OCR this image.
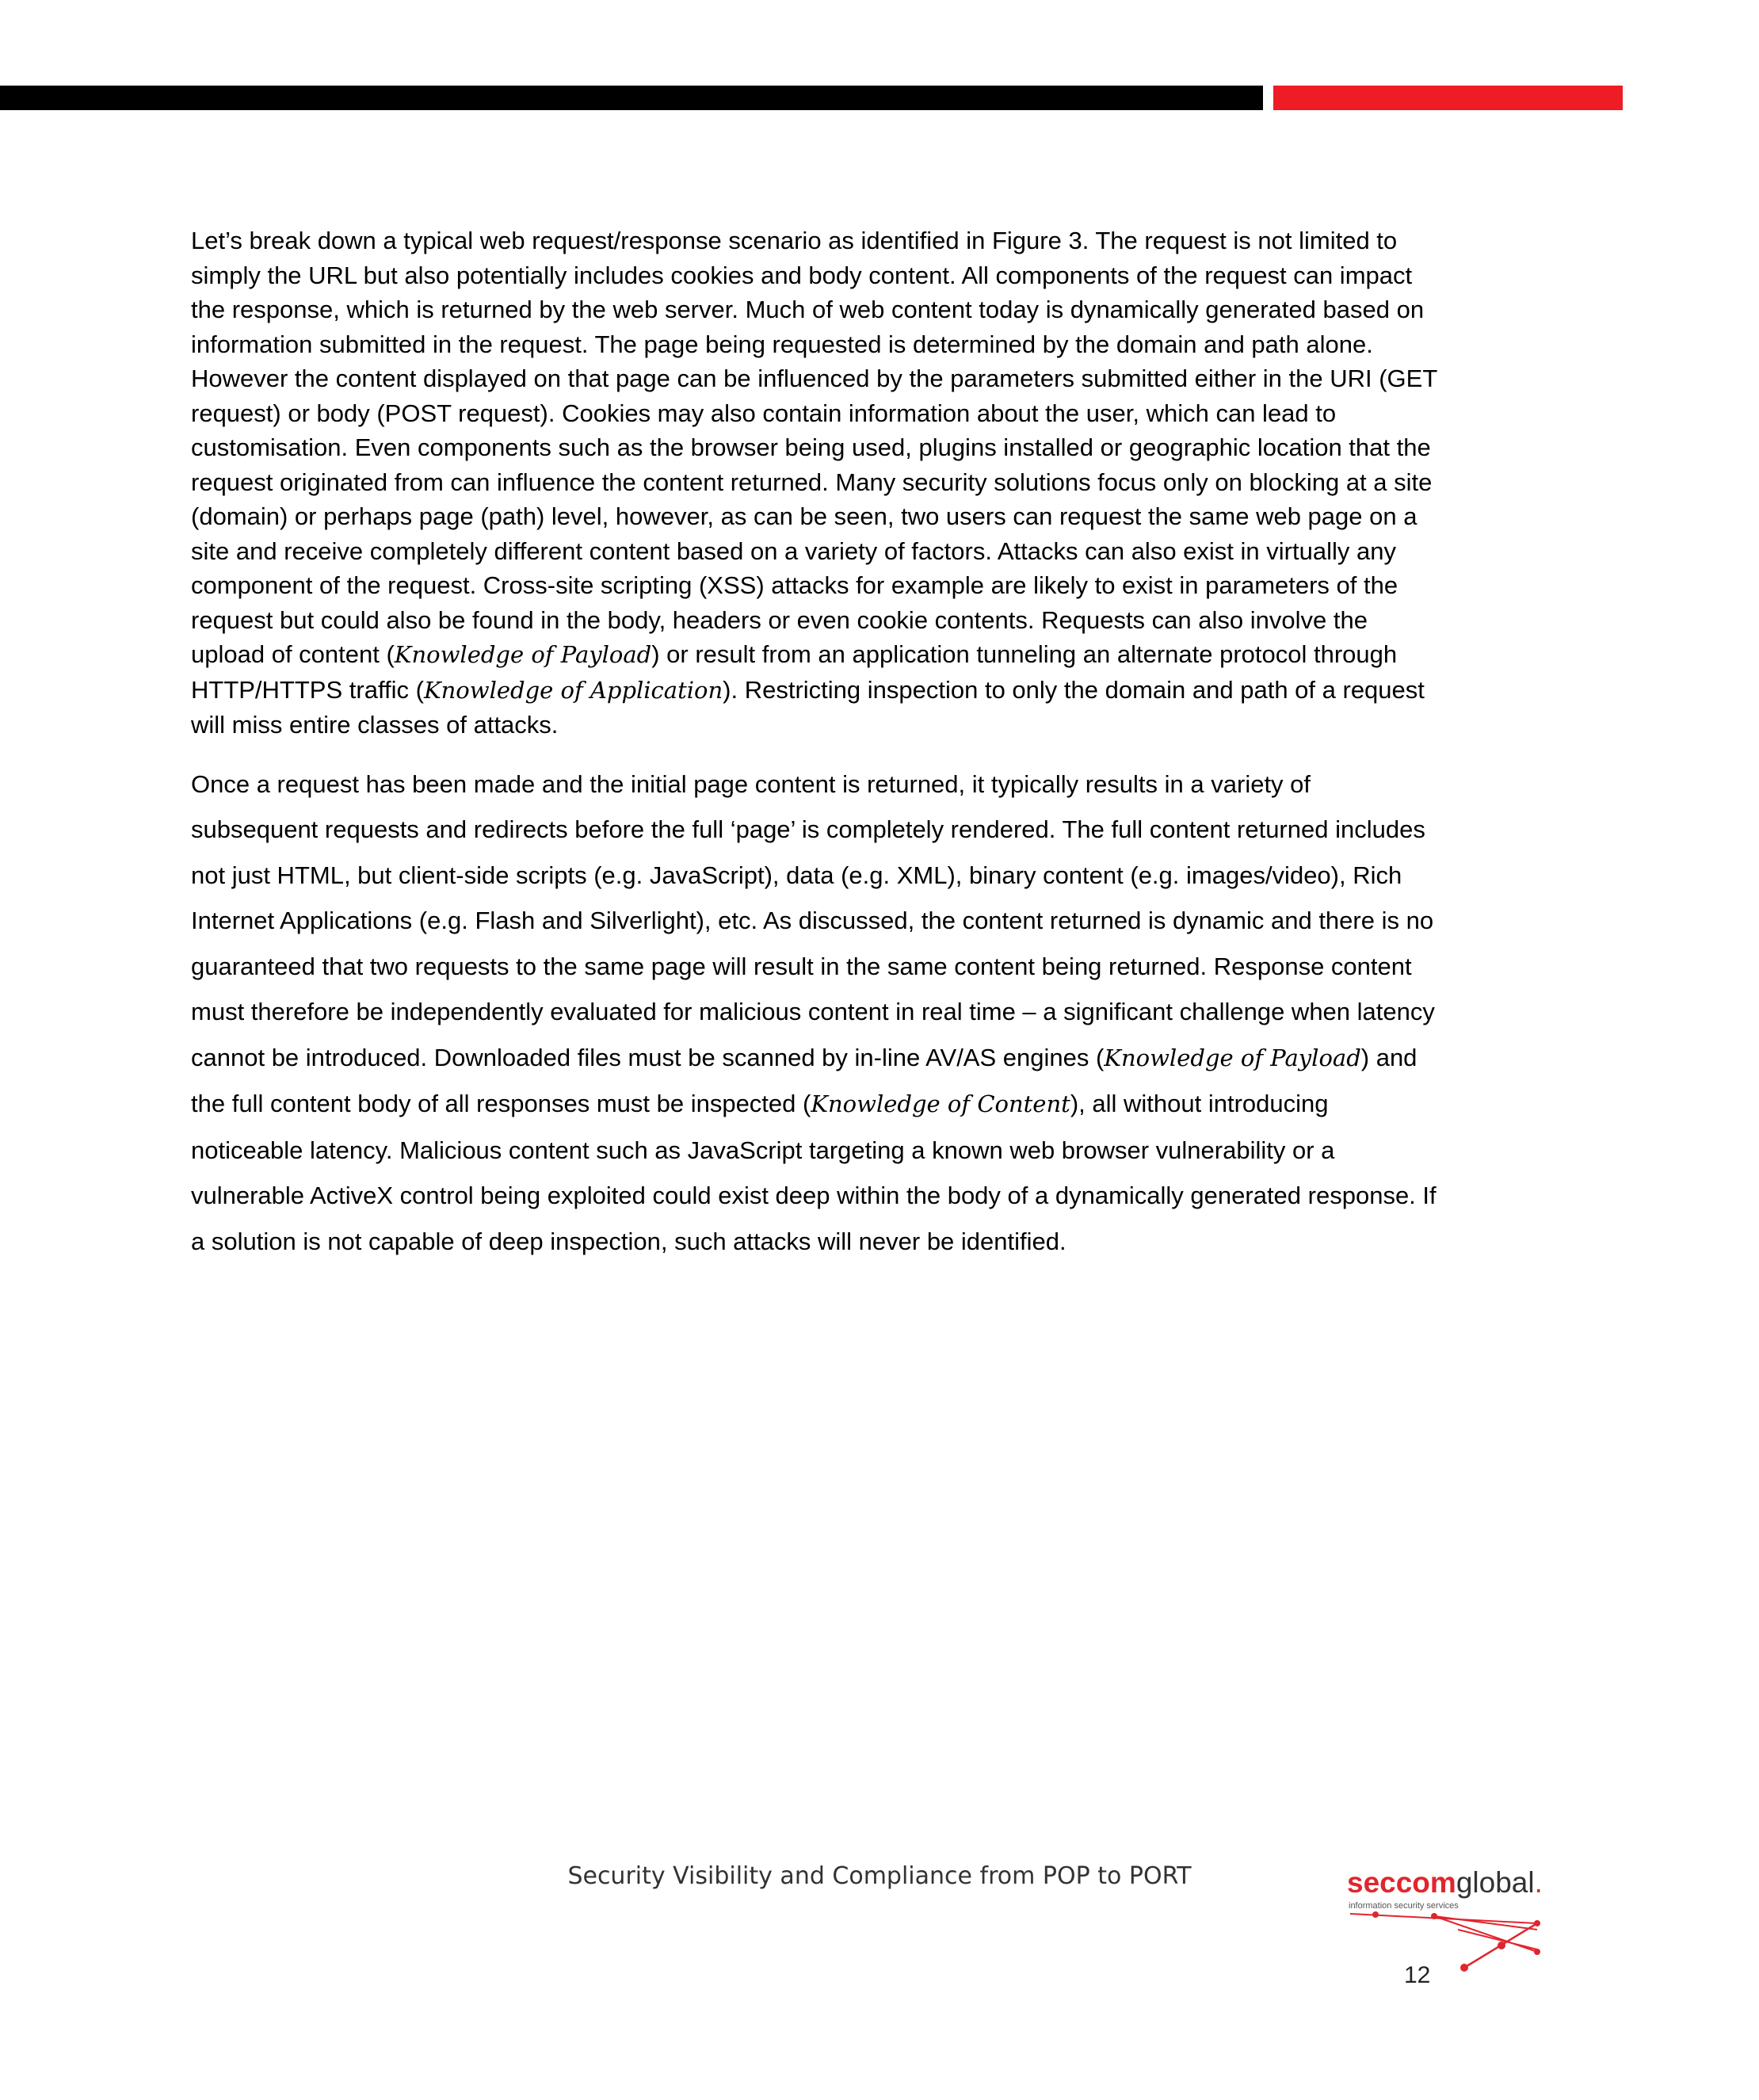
Let’s break down a typical web request/response scenario as identified in Figure 3. The request is not limited to simply the URL but also potentially includes cookies and body content. All components of the request can impact the response, which is returned by the web server. Much of web content today is dynamically generated based on information submitted in the request. The page being requested is determined by the domain and path alone. However the content displayed on that page can be influenced by the parameters submitted either in the URI (GET request) or body (POST request). Cookies may also contain information about the user, which can lead to customisation. Even components such as the browser being used, plugins installed or geographic location that the request originated from can influence the content returned. Many security solutions focus only on blocking at a site (domain) or perhaps page (path) level, however, as can be seen, two users can request the same web page on a site and receive completely different content based on a variety of factors. Attacks can also exist in virtually any component of the request. Cross-site scripting (XSS) attacks for example are likely to exist in parameters of the request but could also be found in the body, headers or even cookie contents. Requests can also involve the upload of content (Knowledge of Payload) or result from an application tunneling an alternate protocol through HTTP/HTTPS traffic (Knowledge of Application). Restricting inspection to only the domain and path of a request will miss entire classes of attacks.

Once a request has been made and the initial page content is returned, it typically results in a variety of subsequent requests and redirects before the full ‘page’ is completely rendered. The full content returned includes not just HTML, but client-side scripts (e.g. JavaScript), data (e.g. XML), binary content (e.g. images/video), Rich Internet Applications (e.g. Flash and Silverlight), etc. As discussed, the content returned is dynamic and there is no guaranteed that two requests to the same page will result in the same content being returned. Response content must therefore be independently evaluated for malicious content in real time – a significant challenge when latency cannot be introduced. Downloaded files must be scanned by in-line AV/AS engines (Knowledge of Payload) and the full content body of all responses must be inspected (Knowledge of Content), all without introducing noticeable latency. Malicious content such as JavaScript targeting a known web browser vulnerability or a vulnerable ActiveX control being exploited could exist deep within the body of a dynamically generated response. If a solution is not capable of deep inspection, such attacks will never be identified.

Security Visibility and Compliance from POP to PORT	seccomglobal.
information security services
12
